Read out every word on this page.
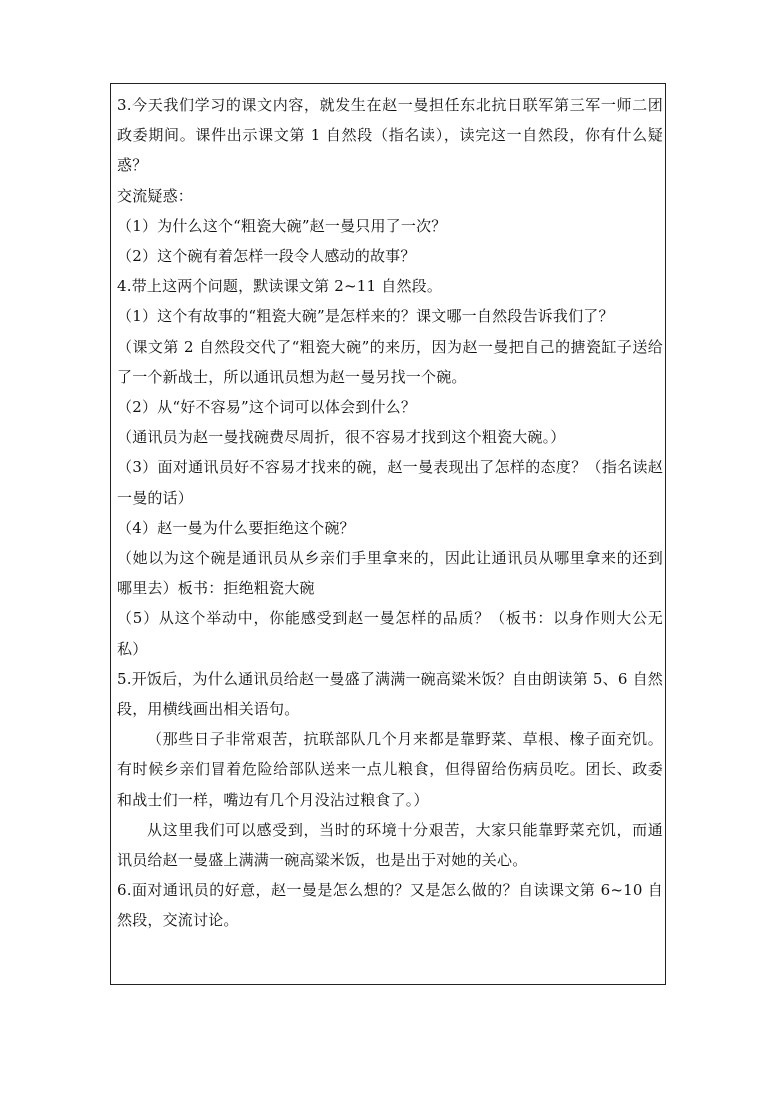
3.今天我们学习的课文内容，就发生在赵一曼担任东北抗日联军第三军一师二团政委期间。课件出示课文第 1 自然段（指名读），读完这一自然段，你有什么疑惑？

交流疑惑：

（1）为什么这个“粗瓷大碗”赵一曼只用了一次？

（2）这个碗有着怎样一段令人感动的故事？

4.带上这两个问题，默读课文第 2~11 自然段。

（1）这个有故事的“粗瓷大碗”是怎样来的？课文哪一自然段告诉我们了？

（课文第 2 自然段交代了“粗瓷大碗”的来历，因为赵一曼把自己的搪瓷缸子送给了一个新战士，所以通讯员想为赵一曼另找一个碗。

（2）从“好不容易”这个词可以体会到什么？

（通讯员为赵一曼找碗费尽周折，很不容易才找到这个粗瓷大碗。）

（3）面对通讯员好不容易才找来的碗，赵一曼表现出了怎样的态度？（指名读赵一曼的话）

（4）赵一曼为什么要拒绝这个碗？

（她以为这个碗是通讯员从乡亲们手里拿来的，因此让通讯员从哪里拿来的还到哪里去）板书：拒绝粗瓷大碗

（5）从这个举动中，你能感受到赵一曼怎样的品质？（板书：以身作则大公无私）

5.开饭后，为什么通讯员给赵一曼盛了满满一碗高粱米饭？自由朗读第 5、6 自然段，用横线画出相关语句。

（那些日子非常艰苦，抗联部队几个月来都是靠野菜、草根、橡子面充饥。有时候乡亲们冒着危险给部队送来一点儿粮食，但得留给伤病员吃。团长、政委和战士们一样，嘴边有几个月没沾过粮食了。）

从这里我们可以感受到，当时的环境十分艰苦，大家只能靠野菜充饥，而通讯员给赵一曼盛上满满一碗高粱米饭，也是出于对她的关心。

6.面对通讯员的好意，赵一曼是怎么想的？又是怎么做的？自读课文第 6~10 自然段，交流讨论。
